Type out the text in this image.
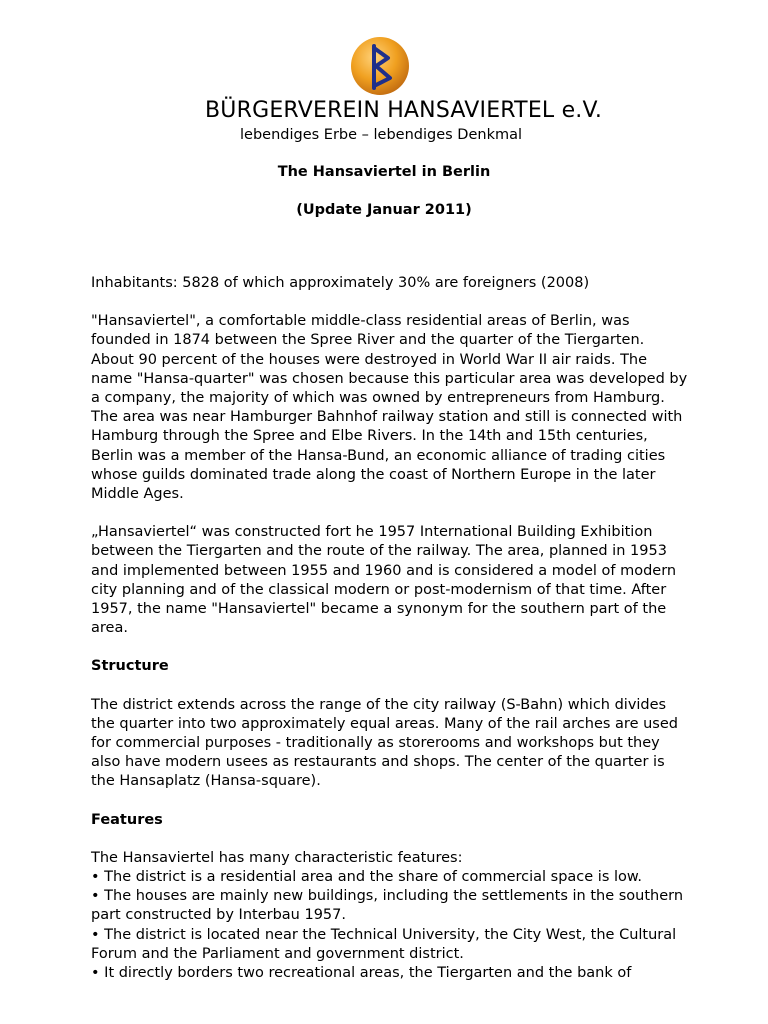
BÜRGERVEREIN HANSAVIERTEL e.V.
lebendiges Erbe – lebendiges Denkmal
The Hansaviertel in Berlin
(Update Januar 2011)

Inhabitants: 5828 of which approximately 30% are foreigners (2008)

"Hansaviertel", a comfortable middle-class residential areas of Berlin, was founded in 1874 between the Spree River and the quarter of the Tiergarten. About 90 percent of the houses were destroyed in World War II air raids. The name "Hansa-quarter" was chosen because this particular area was developed by a company, the majority of which was owned by entrepreneurs from Hamburg. The area was near Hamburger Bahnhof railway station and still is connected with Hamburg through the Spree and Elbe Rivers. In the 14th and 15th centuries, Berlin was a member of the Hansa-Bund, an economic alliance of trading cities whose guilds dominated trade along the coast of Northern Europe in the later Middle Ages.

„Hansaviertel“ was constructed fort he 1957 International Building Exhibition between the Tiergarten and the route of the railway. The area, planned in 1953 and implemented between 1955 and 1960 and is considered a model of modern city planning and of the classical modern or post-modernism of that time. After 1957, the name "Hansaviertel" became a synonym for the southern part of the area.

Structure

The district extends across the range of the city railway (S-Bahn) which divides the quarter into two approximately equal areas. Many of the rail arches are used for commercial purposes - traditionally as storerooms and workshops but they also have modern usees as restaurants and shops. The center of the quarter is the Hansaplatz (Hansa-square).

Features
The Hansaviertel has many characteristic features:
• The district is a residential area and the share of commercial space is low.
• The houses are mainly new buildings, including the settlements in the southern part constructed by Interbau 1957.
• The district is located near the Technical University, the City West, the Cultural Forum and the Parliament and government district.
• It directly borders two recreational areas, the Tiergarten and the bank of
